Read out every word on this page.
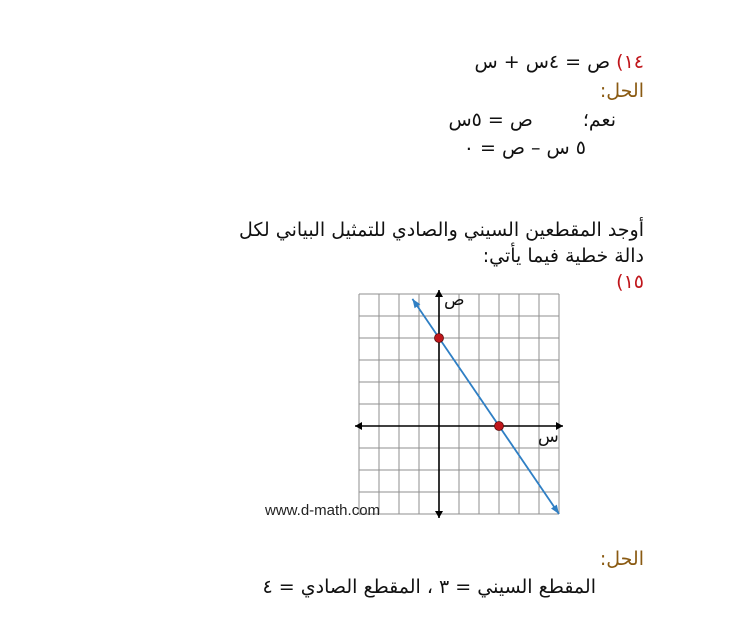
١٤) ص = ٤س + س
الحل:
نعم؛ص = ٥س
٥ س – ص = ٠
أوجد المقطعين السيني والصادي للتمثيل البياني لكل
دالة خطية فيما يأتي:
١٥)
س
ص
www.d-math.com
الحل:
المقطع السيني = ٣ ، المقطع الصادي = ٤
